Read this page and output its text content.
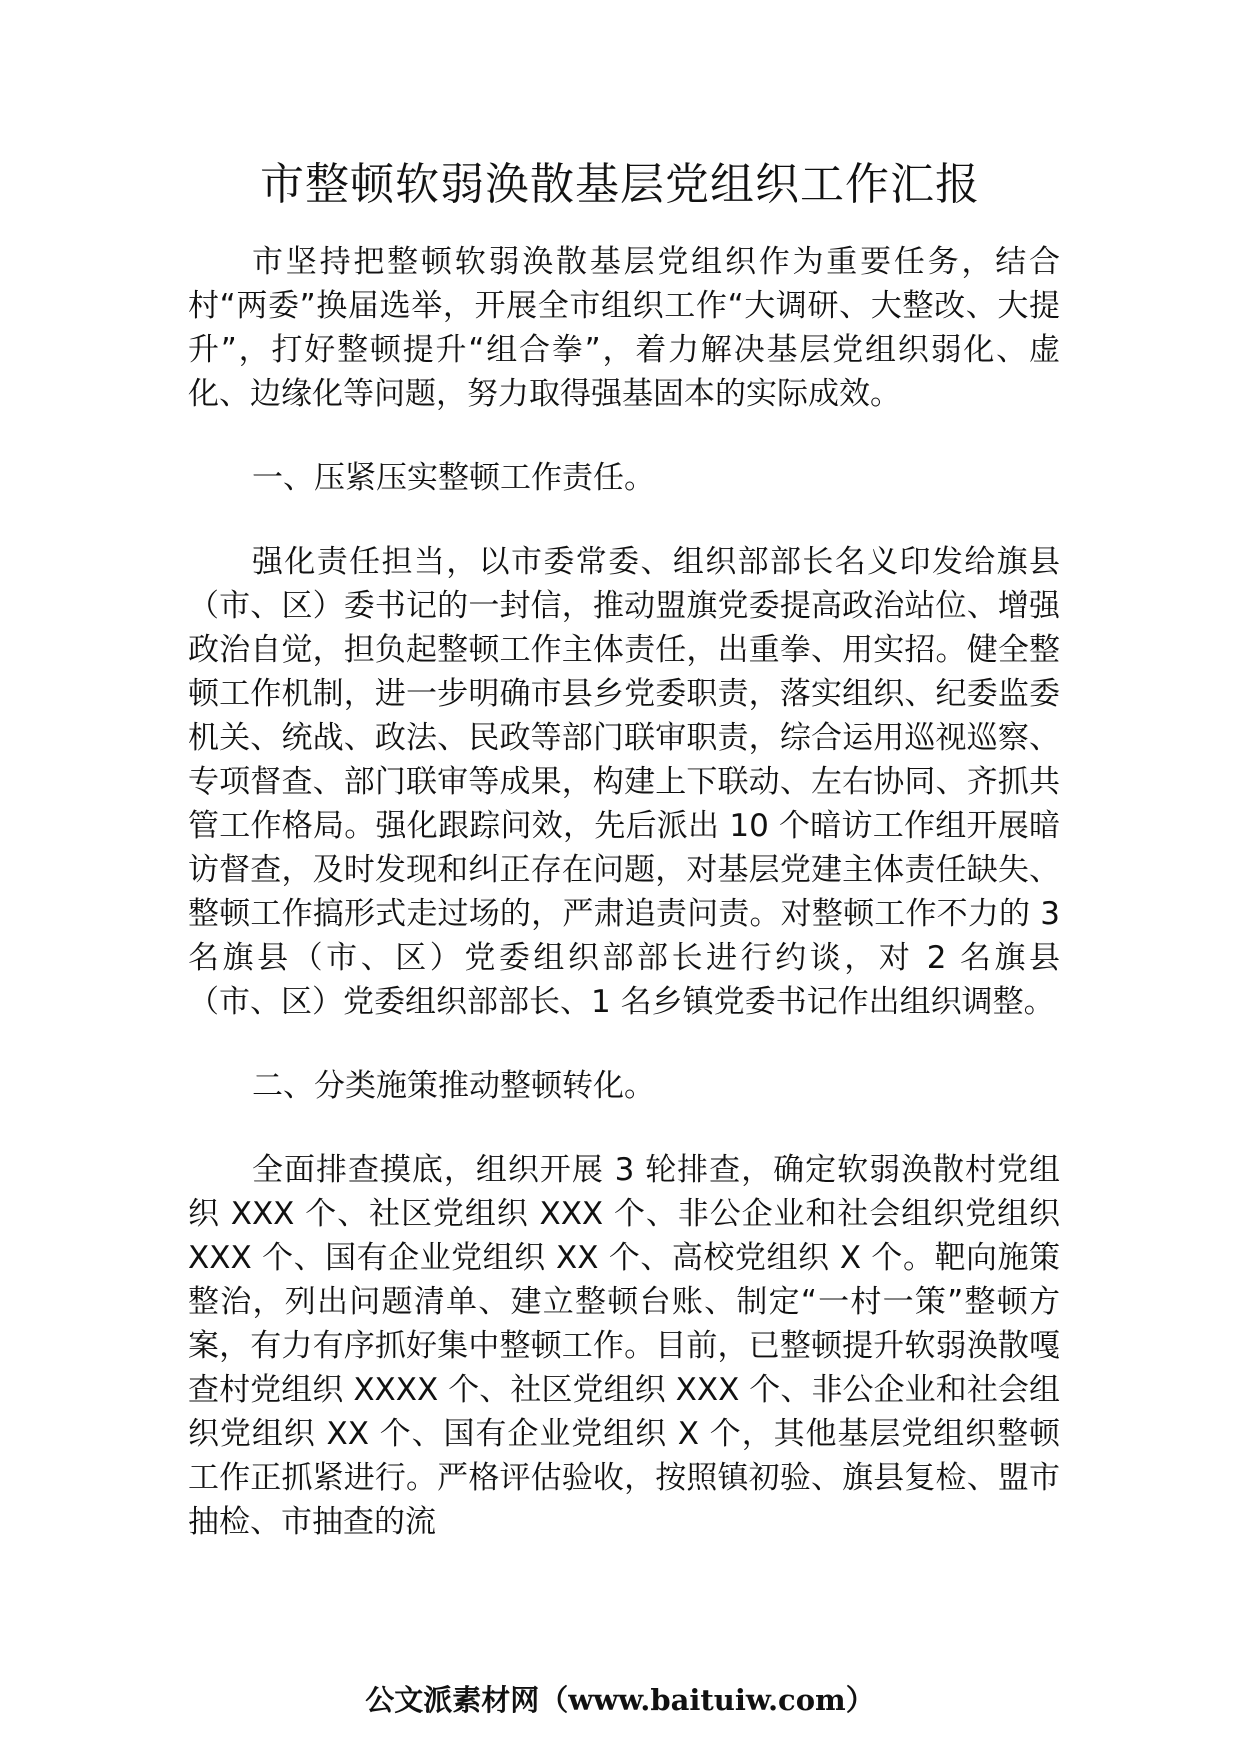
市整顿软弱涣散基层党组织工作汇报

市坚持把整顿软弱涣散基层党组织作为重要任务，结合村“两委”换届选举，开展全市组织工作“大调研、大整改、大提升”，打好整顿提升“组合拳”，着力解决基层党组织弱化、虚化、边缘化等问题，努力取得强基固本的实际成效。

一、压紧压实整顿工作责任。

强化责任担当，以市委常委、组织部部长名义印发给旗县（市、区）委书记的一封信，推动盟旗党委提高政治站位、增强政治自觉，担负起整顿工作主体责任，出重拳、用实招。健全整顿工作机制，进一步明确市县乡党委职责，落实组织、纪委监委机关、统战、政法、民政等部门联审职责，综合运用巡视巡察、专项督查、部门联审等成果，构建上下联动、左右协同、齐抓共管工作格局。强化跟踪问效，先后派出 10 个暗访工作组开展暗访督查，及时发现和纠正存在问题，对基层党建主体责任缺失、整顿工作搞形式走过场的，严肃追责问责。对整顿工作不力的 3 名旗县（市、区）党委组织部部长进行约谈，对 2 名旗县（市、区）党委组织部部长、1 名乡镇党委书记作出组织调整。

二、分类施策推动整顿转化。

全面排查摸底，组织开展 3 轮排查，确定软弱涣散村党组织 XXX 个、社区党组织 XXX 个、非公企业和社会组织党组织 XXX 个、国有企业党组织 XX 个、高校党组织 X 个。靶向施策整治，列出问题清单、建立整顿台账、制定“一村一策”整顿方案，有力有序抓好集中整顿工作。目前，已整顿提升软弱涣散嘎查村党组织 XXXX 个、社区党组织 XXX 个、非公企业和社会组织党组织 XX 个、国有企业党组织 X 个，其他基层党组织整顿工作正抓紧进行。严格评估验收，按照镇初验、旗县复检、盟市抽检、市抽查的流

公文派素材网（www.baituiw.com）
